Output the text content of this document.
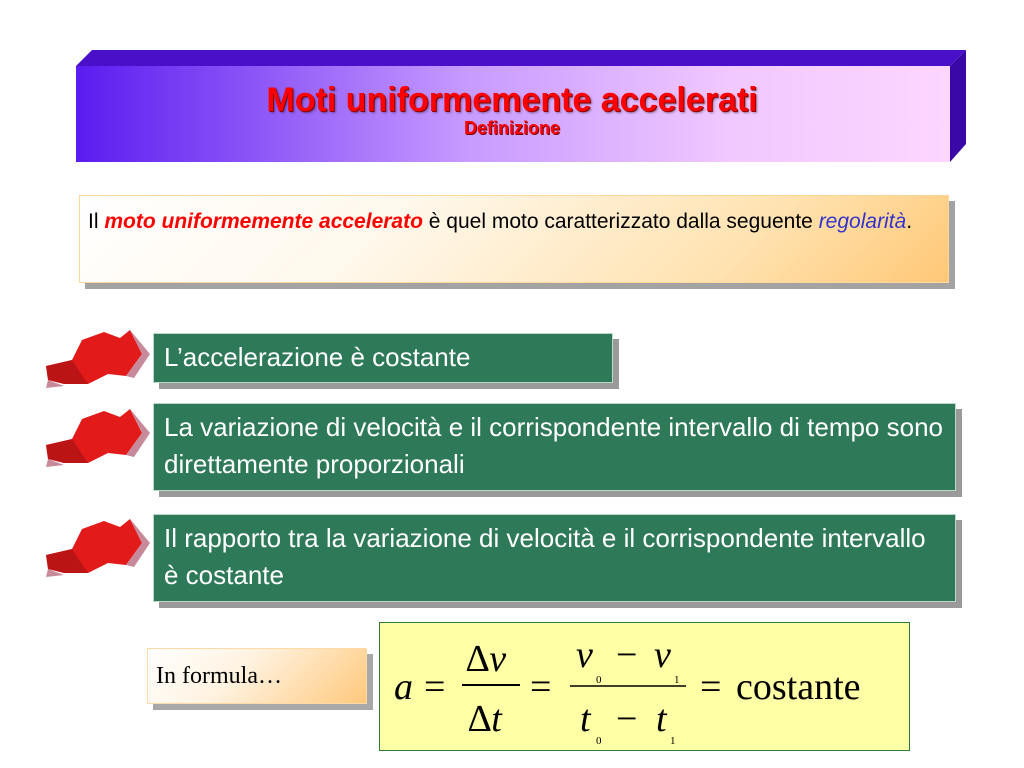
Moti uniformemente accelerati
Definizione

Il moto uniformemente accelerato è quel moto caratterizzato dalla seguente regolarità.

L’accelerazione è costante
La variazione di velocità e il corrispondente intervallo di tempo sono direttamente proporzionali
Il rapporto tra la variazione di velocità e il corrispondente intervallo è costante
In formula…	a =
∆v
∆t
=
v
0
− v
1
t
0
− t
1
= costante
